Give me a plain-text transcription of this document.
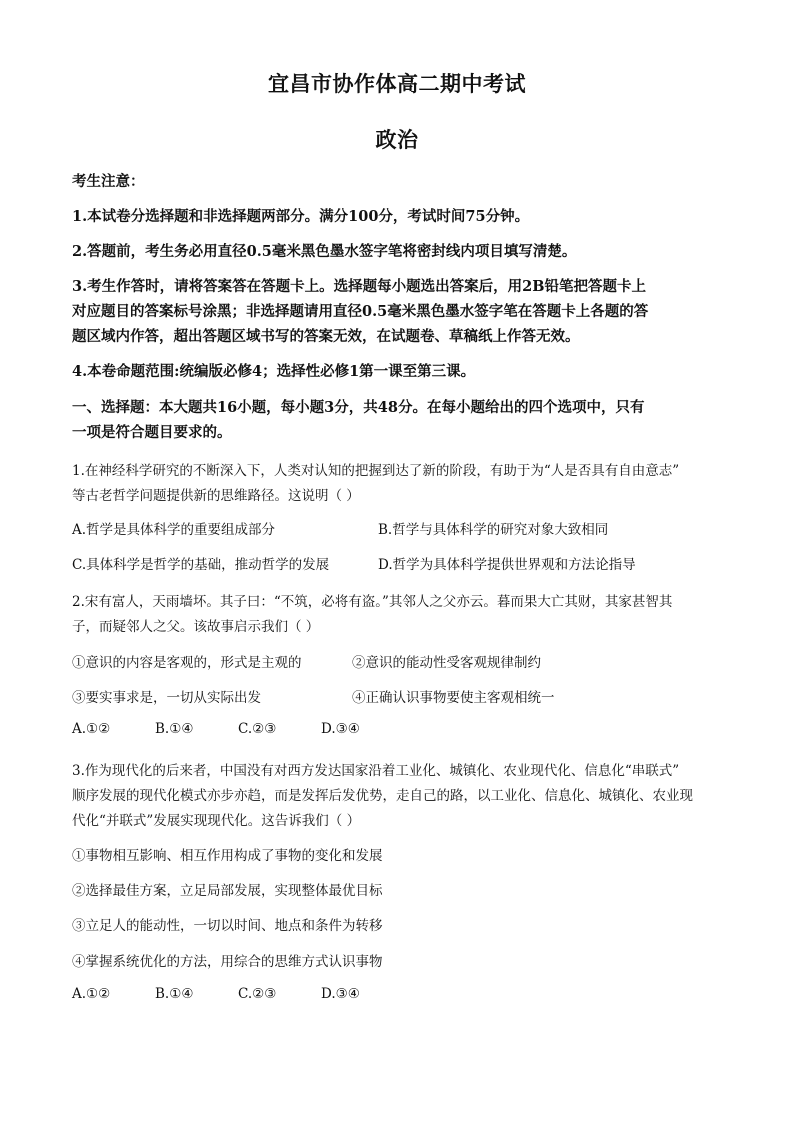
宜昌市协作体高二期中考试
政治
考生注意：
1.本试卷分选择题和非选择题两部分。满分100分，考试时间75分钟。
2.答题前，考生务必用直径0.5毫米黑色墨水签字笔将密封线内项目填写清楚。
3.考生作答时，请将答案答在答题卡上。选择题每小题选出答案后，用2B铅笔把答题卡上
对应题目的答案标号涂黑；非选择题请用直径0.5毫米黑色墨水签字笔在答题卡上各题的答
题区域内作答，超出答题区域书写的答案无效，在试题卷、草稿纸上作答无效。
4.本卷命题范围:统编版必修4；选择性必修1第一课至第三课。
一、选择题：本大题共16小题，每小题3分，共48分。在每小题给出的四个选项中，只有
一项是符合题目要求的。
1.在神经科学研究的不断深入下，人类对认知的把握到达了新的阶段，有助于为“人是否具有自由意志”
等古老哲学问题提供新的思维路径。这说明（ ）
A.哲学是具体科学的重要组成部分	B.哲学与具体科学的研究对象大致相同
C.具体科学是哲学的基础，推动哲学的发展	D.哲学为具体科学提供世界观和方法论指导
2.宋有富人，天雨墙坏。其子曰：“不筑，必将有盗。”其邻人之父亦云。暮而果大亡其财，其家甚智其
子，而疑邻人之父。该故事启示我们（ ）
①意识的内容是客观的，形式是主观的	②意识的能动性受客观规律制约
③要实事求是，一切从实际出发	④正确认识事物要使主客观相统一
A.①②	B.①④	C.②③	D.③④
3.作为现代化的后来者，中国没有对西方发达国家沿着工业化、城镇化、农业现代化、信息化“串联式”
顺序发展的现代化模式亦步亦趋，而是发挥后发优势，走自己的路，以工业化、信息化、城镇化、农业现
代化“并联式”发展实现现代化。这告诉我们（ ）
①事物相互影响、相互作用构成了事物的变化和发展
②选择最佳方案，立足局部发展，实现整体最优目标
③立足人的能动性，一切以时间、地点和条件为转移
④掌握系统优化的方法，用综合的思维方式认识事物
A.①②	B.①④	C.②③	D.③④
